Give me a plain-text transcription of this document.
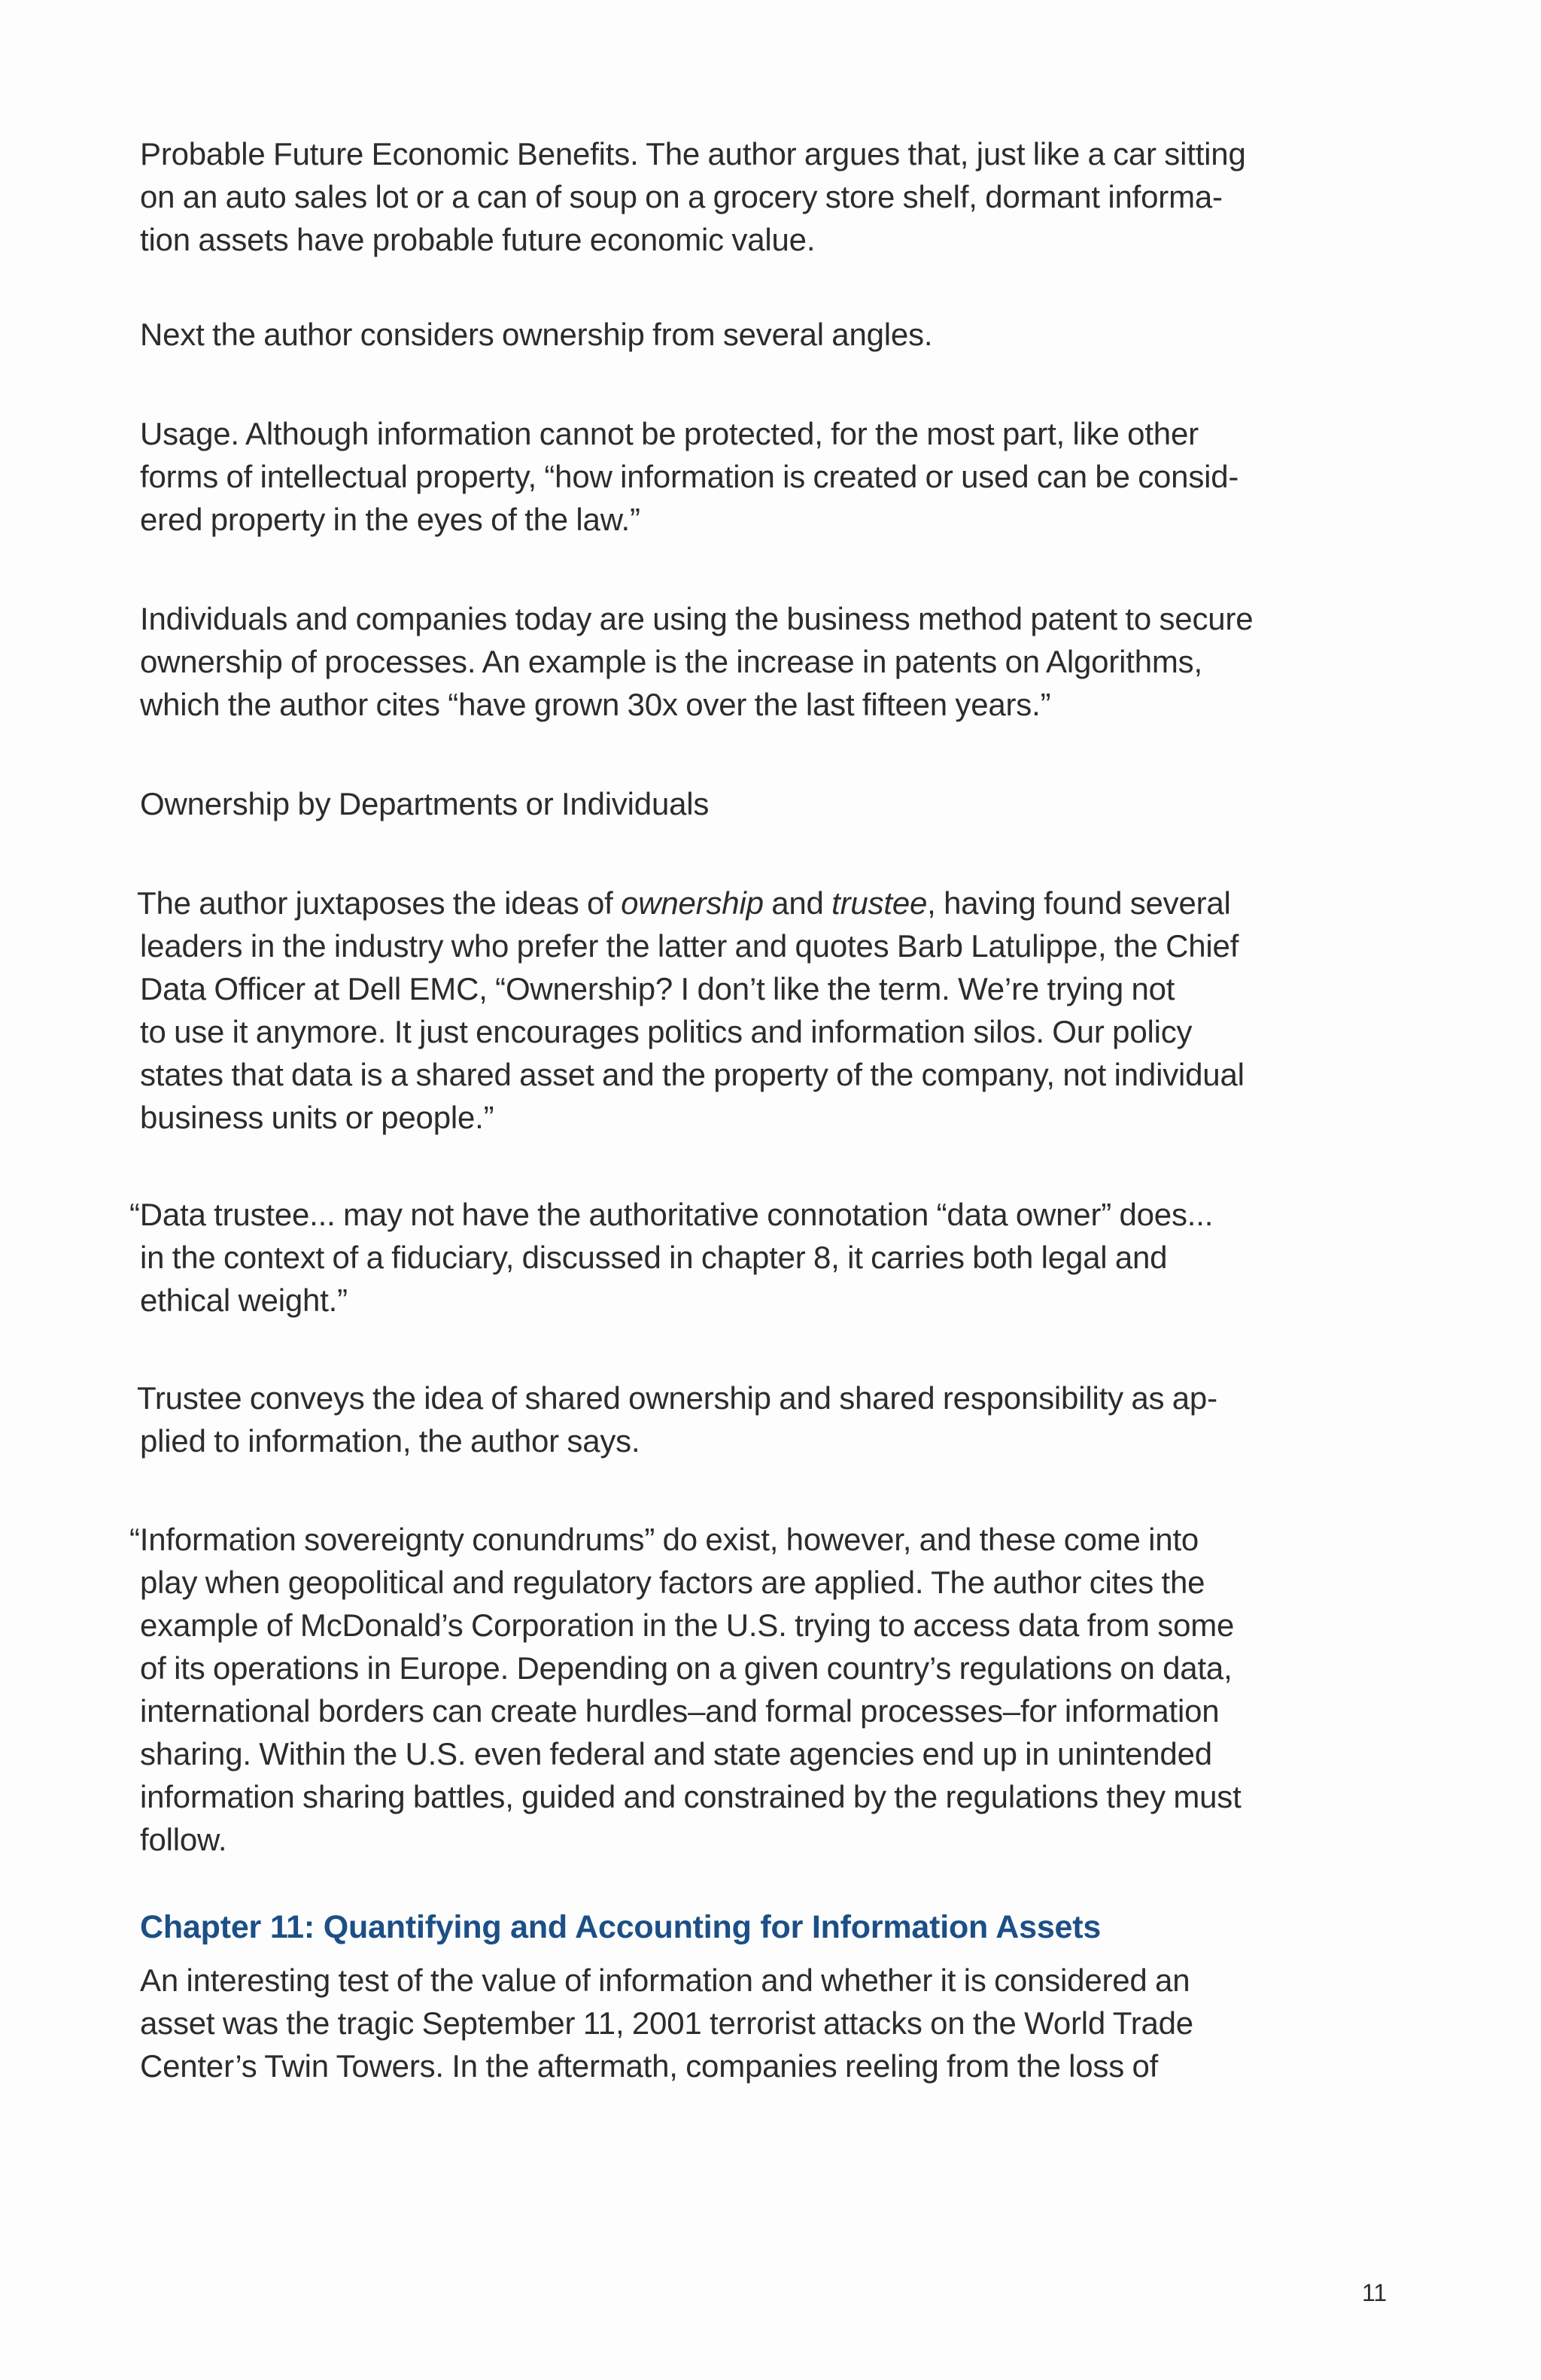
Probable Future Economic Benefits. The author argues that, just like a car sitting
on an auto sales lot or a can of soup on a grocery store shelf, dormant informa-
tion assets have probable future economic value.

Next the author considers ownership from several angles.

Usage. Although information cannot be protected, for the most part, like other
forms of intellectual property, “how information is created or used can be consid-
ered property in the eyes of the law.”

Individuals and companies today are using the business method patent to secure
ownership of processes. An example is the increase in patents on Algorithms,
which the author cites “have grown 30x over the last fifteen years.”

Ownership by Departments or Individuals

The author juxtaposes the ideas of ownership and trustee, having found several
leaders in the industry who prefer the latter and quotes Barb Latulippe, the Chief
Data Officer at Dell EMC, “Ownership? I don’t like the term. We’re trying not
to use it anymore. It just encourages politics and information silos. Our policy
states that data is a shared asset and the property of the company, not individual
business units or people.”

“Data trustee... may not have the authoritative connotation “data owner” does...
in the context of a fiduciary, discussed in chapter 8, it carries both legal and
ethical weight.”

Trustee conveys the idea of shared ownership and shared responsibility as ap-
plied to information, the author says.

“Information sovereignty conundrums” do exist, however, and these come into
play when geopolitical and regulatory factors are applied. The author cites the
example of McDonald’s Corporation in the U.S. trying to access data from some
of its operations in Europe. Depending on a given country’s regulations on data,
international borders can create hurdles–and formal processes–for information
sharing. Within the U.S. even federal and state agencies end up in unintended
information sharing battles, guided and constrained by the regulations they must
follow.

Chapter 11: Quantifying and Accounting for Information Assets

An interesting test of the value of information and whether it is considered an
asset was the tragic September 11, 2001 terrorist attacks on the World Trade
Center’s Twin Towers. In the aftermath, companies reeling from the loss of

11
